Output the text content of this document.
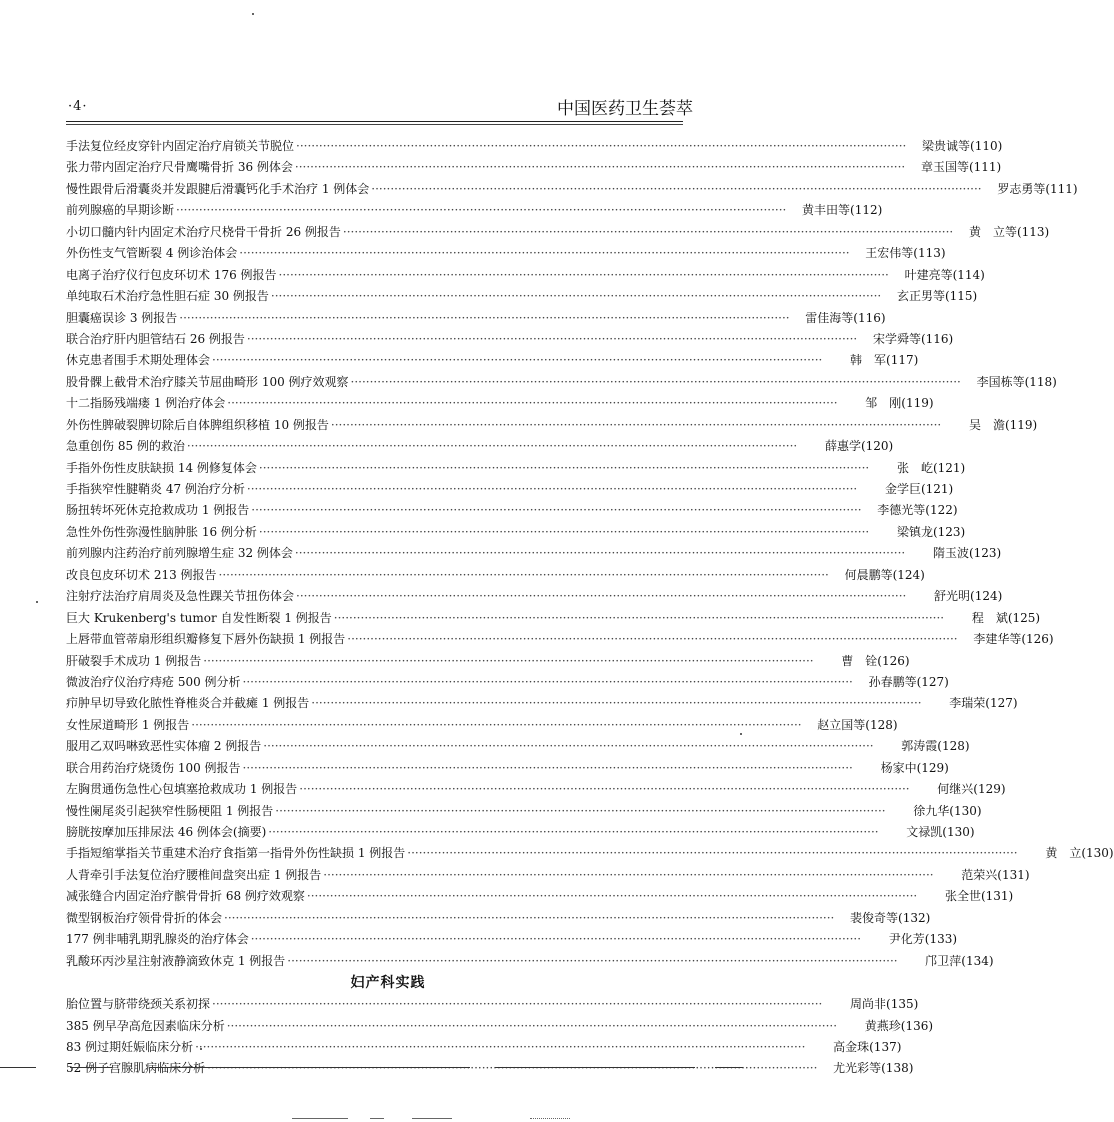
·4·	中国医药卫生荟萃
手法复位经皮穿针内固定治疗肩锁关节脱位 ·····	梁贵诚等(110)
张力带内固定治疗尺骨鹰嘴骨折 36 例体会 ·····	章玉国等(111)
慢性跟骨后滑囊炎并发跟腱后滑囊钙化手术治疗 1 例体会 ·····	罗志勇等(111)
前列腺癌的早期诊断 ·····	黄丰田等(112)
小切口髓内针内固定术治疗尺桡骨干骨折 26 例报告 ·····	黄　立等(113)
外伤性支气管断裂 4 例诊治体会 ·····	王宏伟等(113)
电离子治疗仪行包皮环切术 176 例报告 ·····	叶建亮等(114)
单纯取石术治疗急性胆石症 30 例报告 ·····	玄正男等(115)
胆囊癌误诊 3 例报告 ·····	雷佳海等(116)
联合治疗肝内胆管结石 26 例报告 ·····	宋学舜等(116)
休克患者围手术期处理体会 ·····	韩　军(117)
股骨髁上截骨术治疗膝关节屈曲畸形 100 例疗效观察 ·····	李国栋等(118)
十二指肠残端瘘 1 例治疗体会 ·····	邹　刚(119)
外伤性脾破裂脾切除后自体脾组织移植 10 例报告 ·····	吴　澹(119)
急重创伤 85 例的救治 ·····	薛惠学(120)
手指外伤性皮肤缺损 14 例修复体会 ·····	张　屹(121)
手指狭窄性腱鞘炎 47 例治疗分析 ·····	金学巨(121)
肠扭转坏死休克抢救成功 1 例报告 ·····	李德光等(122)
急性外伤性弥漫性脑肿胀 16 例分析 ·····	梁镇龙(123)
前列腺内注药治疗前列腺增生症 32 例体会 ·····	隋玉波(123)
改良包皮环切术 213 例报告 ·····	何晨鹏等(124)
注射疗法治疗肩周炎及急性踝关节扭伤体会 ·····	舒光明(124)
巨大 Krukenberg's tumor 自发性断裂 1 例报告 ·····	程　斌(125)
上唇带血管蒂扇形组织瓣修复下唇外伤缺损 1 例报告 ·····	李建华等(126)
肝破裂手术成功 1 例报告 ·····	曹　铨(126)
微波治疗仪治疗痔疮 500 例分析 ·····	孙春鹏等(127)
疖肿早切导致化脓性脊椎炎合并截瘫 1 例报告 ·····	李瑞荣(127)
女性尿道畸形 1 例报告 ·····	赵立国等(128)
服用乙双吗啉致恶性实体瘤 2 例报告 ·····	郭涛霞(128)
联合用药治疗烧烫伤 100 例报告 ·····	杨家中(129)
左胸贯通伤急性心包填塞抢救成功 1 例报告 ·····	何继兴(129)
慢性阑尾炎引起狭窄性肠梗阻 1 例报告 ·····	徐九华(130)
膀胱按摩加压排尿法 46 例体会(摘要) ·····	文禄凯(130)
手指短缩掌指关节重建术治疗食指第一指骨外伤性缺损 1 例报告 ·····	黄　立(130)
人背牵引手法复位治疗腰椎间盘突出症 1 例报告 ·····	范荣兴(131)
减张缝合内固定治疗髌骨骨折 68 例疗效观察 ·····	张全世(131)
微型钢板治疗领骨骨折的体会 ·····	裴俊奇等(132)
177 例非哺乳期乳腺炎的治疗体会 ·····	尹化芳(133)
乳酸环丙沙星注射液静滴致休克 1 例报告 ·····	邝卫萍(134)
妇产科实践
胎位置与脐带绕颈关系初探 ·····	周尚非(135)
385 例早孕高危因素临床分析 ·····	黄燕珍(136)
83 例过期妊娠临床分析 ·····	高金珠(137)
52 例子宫腺肌病临床分析 ·····	尤光彩等(138)
